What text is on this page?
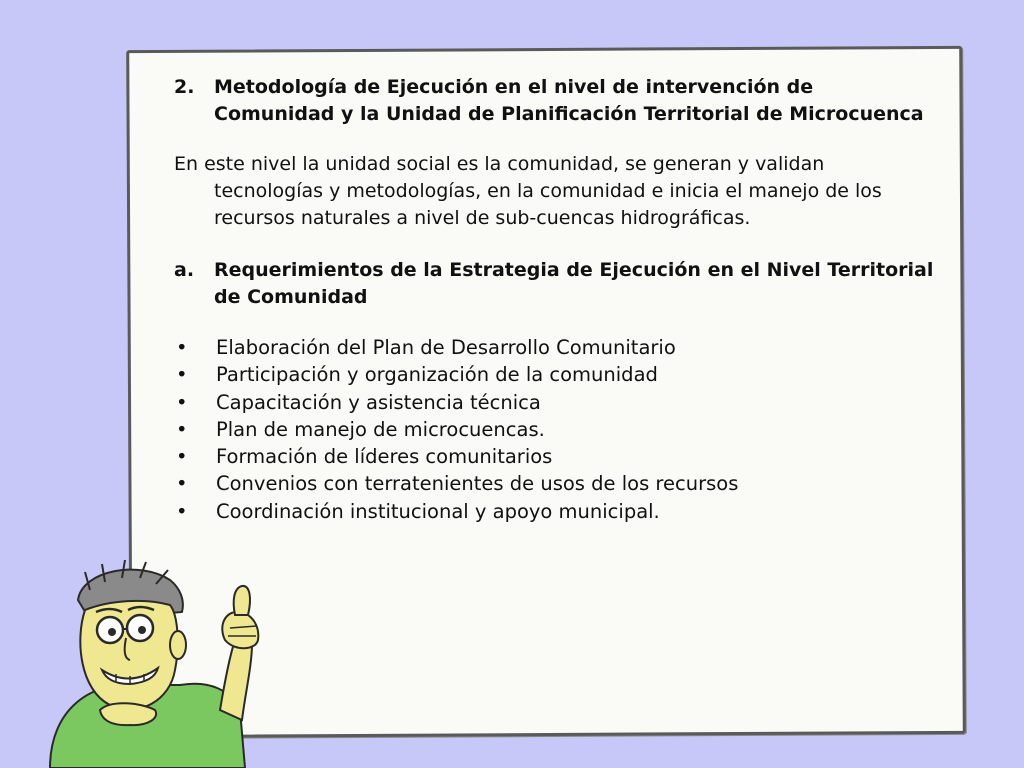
2.	Metodología de Ejecución en el nivel de intervención de Comunidad y la Unidad de Planificación Territorial de Microcuenca

En este nivel la unidad social es la comunidad, se generan y validan tecnologías y metodologías, en la comunidad e inicia el manejo de los recursos naturales a nivel de sub-cuencas hidrográficas.

a.	Requerimientos de la Estrategia de Ejecución en el Nivel Territorial de Comunidad
•	Elaboración del Plan de Desarrollo Comunitario
•	Participación y organización de la comunidad
•	Capacitación y asistencia técnica
•	Plan de manejo de microcuencas.
•	Formación de líderes comunitarios
•	Convenios con terratenientes de usos de los recursos
•	Coordinación institucional y apoyo municipal.
